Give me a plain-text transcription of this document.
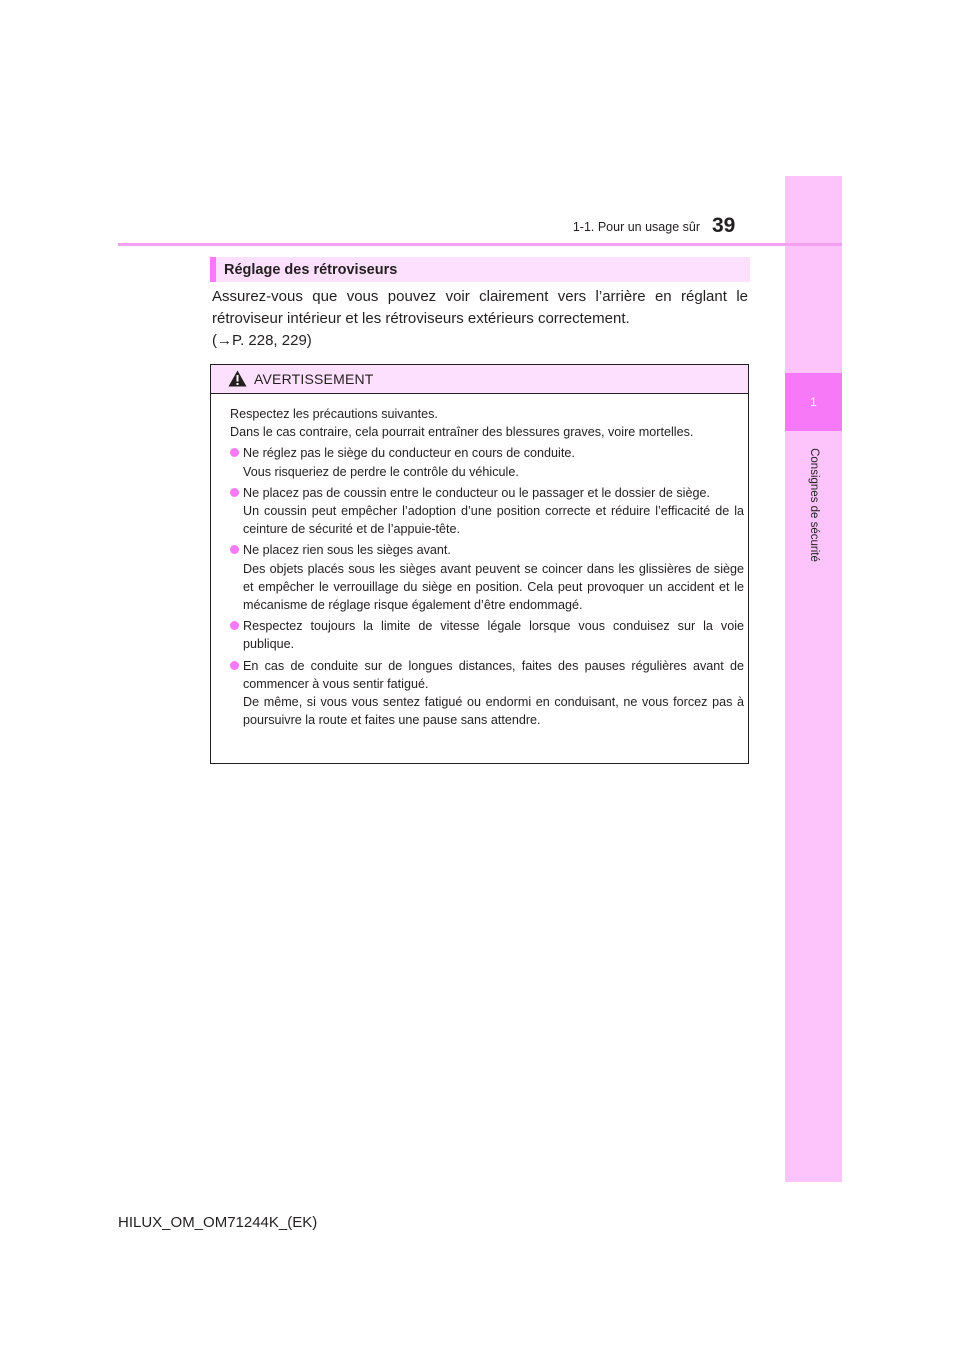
1
Consignes de sécurité
1-1. Pour un usage sûr 39
Réglage des rétroviseurs

Assurez-vous que vous pouvez voir clairement vers l’arrière en réglant le rétroviseur intérieur et les rétroviseurs extérieurs correctement.

(→P. 228, 229)

AVERTISSEMENT

Respectez les précautions suivantes.

Dans le cas contraire, cela pourrait entraîner des blessures graves, voire mortelles.

Ne réglez pas le siège du conducteur en cours de conduite.

Vous risqueriez de perdre le contrôle du véhicule.

Ne placez pas de coussin entre le conducteur ou le passager et le dossier de siège.

Un coussin peut empêcher l’adoption d’une position correcte et réduire l’efficacité de la ceinture de sécurité et de l’appuie-tête.

Ne placez rien sous les sièges avant.

Des objets placés sous les sièges avant peuvent se coincer dans les glissières de siège et empêcher le verrouillage du siège en position. Cela peut provoquer un accident et le mécanisme de réglage risque également d’être endommagé.

Respectez toujours la limite de vitesse légale lorsque vous conduisez sur la voie publique.

En cas de conduite sur de longues distances, faites des pauses régulières avant de commencer à vous sentir fatigué.

De même, si vous vous sentez fatigué ou endormi en conduisant, ne vous forcez pas à poursuivre la route et faites une pause sans attendre.

HILUX_OM_OM71244K_(EK)
